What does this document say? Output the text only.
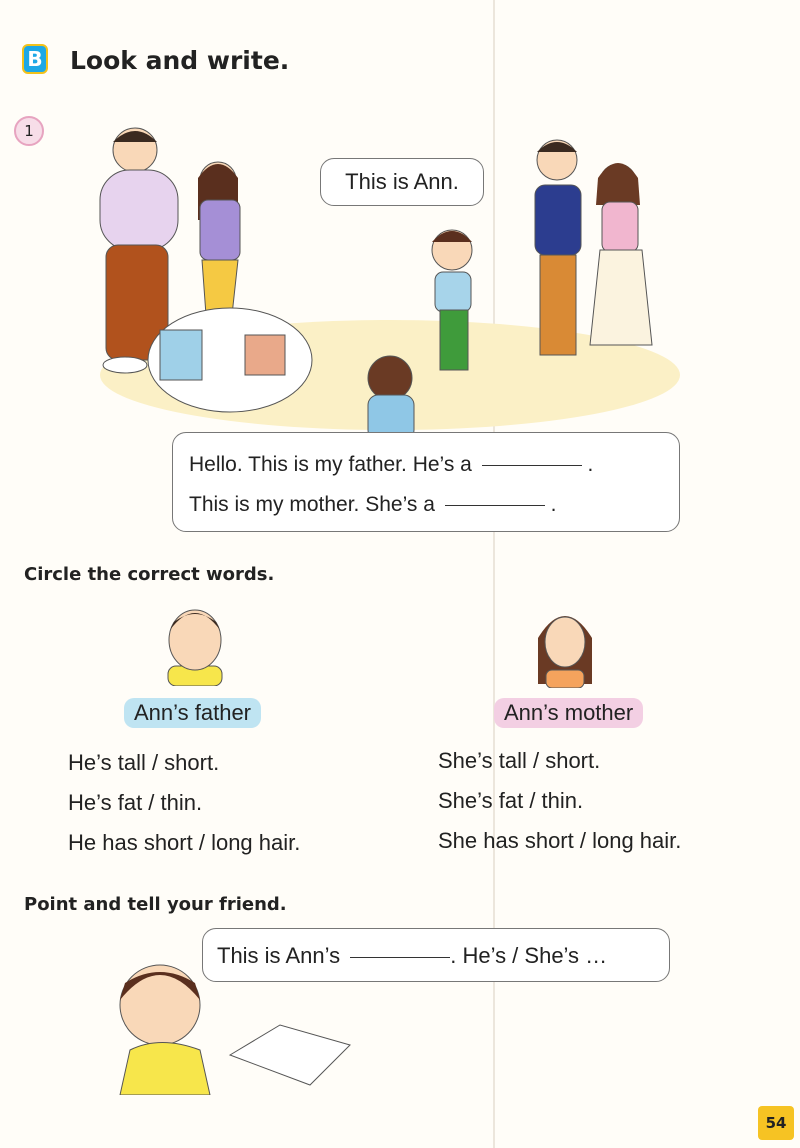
B Look and write.
1
This is Ann.
Hello. This is my father. He’s a	.
This is my mother. She’s a	.
Circle the correct words.
Ann’s father	Ann’s mother
He’s tall / short.
He’s fat / thin.
He has short / long hair.
She’s tall / short.
She’s fat / thin.
She has short / long hair.
Point and tell your friend.
This is Ann’s	. He’s / She’s …
54
